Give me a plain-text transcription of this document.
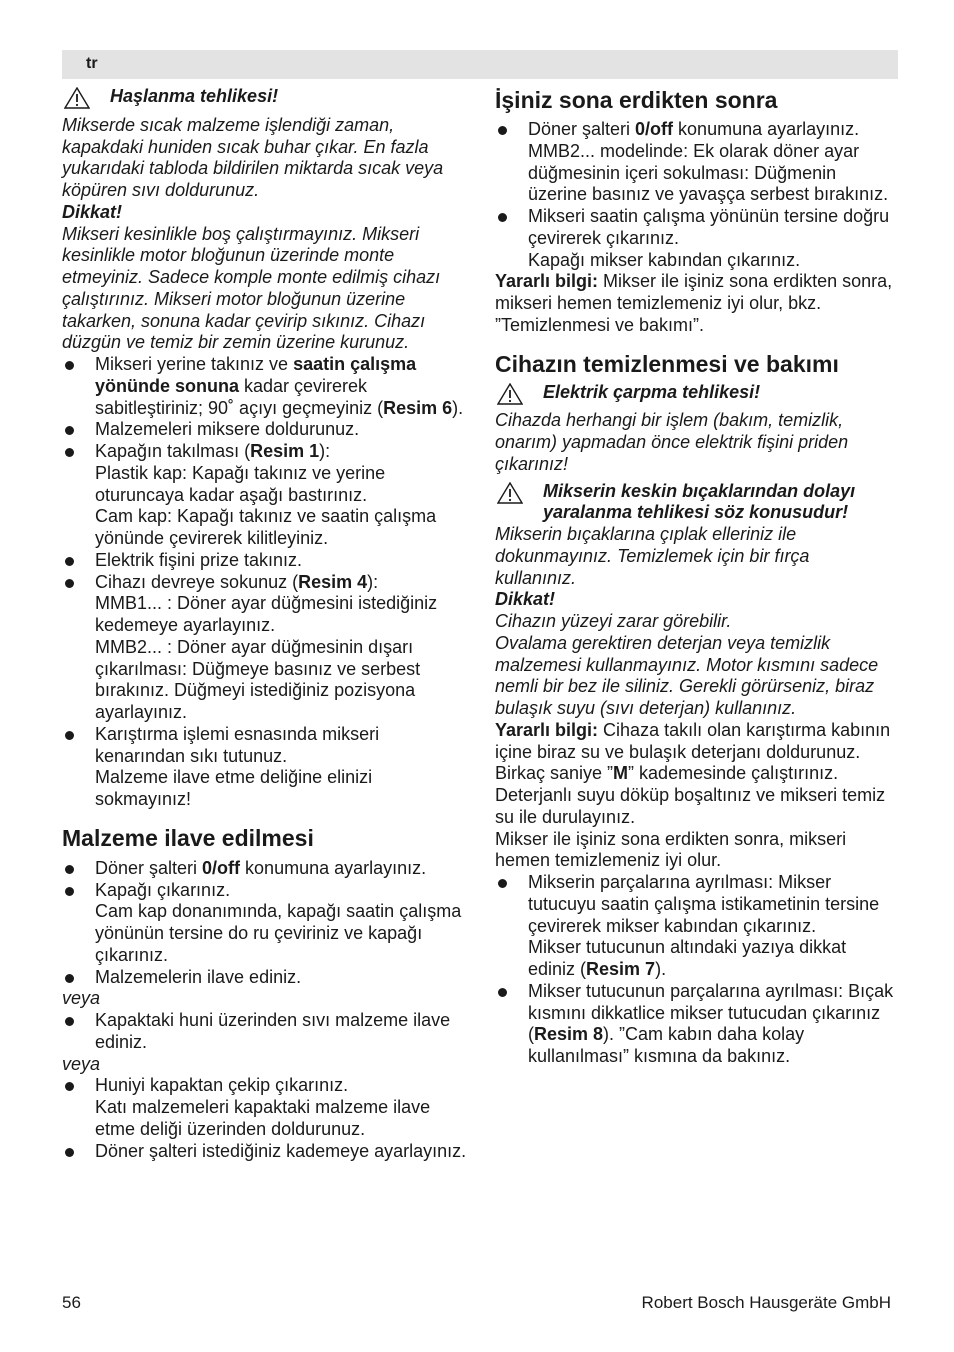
tr
Haşlanma tehlikesi!

Mikserde sıcak malzeme işlendiği zaman, kapakdaki huniden sıcak buhar çıkar. En fazla yukarıdaki tabloda bildirilen miktarda sıcak veya köpüren sıvı doldurunuz.

Dikkat!

Mikseri kesinlikle boş çalıştırmayınız. Mikseri kesinlikle motor bloğunun üzerinde monte etmeyiniz. Sadece komple monte edilmiş cihazı çalıştırınız. Mikseri motor bloğunun üzerine takarken, sonuna kadar çevirip sıkınız. Cihazı düzgün ve temiz bir zemin üzerine kurunuz.

Mikseri yerine takınız ve saatin çalışma yönünde sonuna kadar çevirerek sabitleştiriniz; 90˚ açıyı geçmeyiniz (Resim 6).
Malzemeleri miksere doldurunuz.
Kapağın takılması (Resim 1):
Plastik kap: Kapağı takınız ve yerine oturuncaya kadar aşağı bastırınız.
Cam kap: Kapağı takınız ve saatin çalışma yönünde çevirerek kilitleyiniz.
Elektrik fişini prize takınız.
Cihazı devreye sokunuz (Resim 4):
MMB1... : Döner ayar düğmesini istediğiniz kedemeye ayarlayınız.
MMB2... : Döner ayar düğmesinin dışarı çıkarılması: Düğmeye basınız ve serbest bırakınız. Düğmeyi istediğiniz pozisyona ayarlayınız.
Karıştırma işlemi esnasında mikseri kenarından sıkı tutunuz.
Malzeme ilave etme deliğine elinizi sokmayınız!
Malzeme ilave edilmesi
Döner şalteri 0/off konumuna ayarlayınız.
Kapağı çıkarınız.
Cam kap donanımında, kapağı saatin çalışma yönünün tersine do ru çeviriniz ve kapağı çıkarınız.
Malzemelerin ilave ediniz.

veya

Kapaktaki huni üzerinden sıvı malzeme ilave ediniz.

veya

Huniyi kapaktan çekip çıkarınız.
Katı malzemeleri kapaktaki malzeme ilave etme deliği üzerinden doldurunuz.
Döner şalteri istediğiniz kademeye ayarlayınız.
İşiniz sona erdikten sonra
Döner şalteri 0/off konumuna ayarlayınız.
MMB2... modelinde: Ek olarak döner ayar düğmesinin içeri sokulması: Düğmenin üzerine basınız ve yavaşça serbest bırakınız.
Mikseri saatin çalışma yönünün tersine doğru çevirerek çıkarınız.
Kapağı mikser kabından çıkarınız.

Yararlı bilgi: Mikser ile işiniz sona erdikten sonra, mikseri hemen temizlemeniz iyi olur, bkz. ”Temizlenmesi ve bakımı”.

Cihazın temizlenmesi ve bakımı
Elektrik çarpma tehlikesi!

Cihazda herhangi bir işlem (bakım, temizlik, onarım) yapmadan önce elektrik fişini priden çıkarınız!

Mikserin keskin bıçaklarından dolayı yaralanma tehlikesi söz konusudur!

Mikserin bıçaklarına çıplak elleriniz ile dokunmayınız. Temizlemek için bir fırça kullanınız.

Dikkat!

Cihazın yüzeyi zarar görebilir.

Ovalama gerektiren deterjan veya temizlik malzemesi kullanmayınız. Motor kısmını sadece nemli bir bez ile siliniz. Gerekli görürseniz, biraz bulaşık suyu (sıvı deterjan) kullanınız.

Yararlı bilgi: Cihaza takılı olan karıştırma kabının içine biraz su ve bulaşık deterjanı doldurunuz. Birkaç saniye ”M” kademesinde çalıştırınız. Deterjanlı suyu döküp boşaltınız ve mikseri temiz su ile durulayınız.

Mikser ile işiniz sona erdikten sonra, mikseri hemen temizlemeniz iyi olur.

Mikserin parçalarına ayrılması: Mikser tutucuyu saatin çalışma istikametinin tersine çevirerek mikser kabından çıkarınız.
Mikser tutucunun altındaki yazıya dikkat ediniz (Resim 7).
Mikser tutucunun parçalarına ayrılması: Bıçak kısmını dikkatlice mikser tutucudan çıkarınız (Resim 8). ”Cam kabın daha kolay kullanılması” kısmına da bakınız.
56	Robert Bosch Hausgeräte GmbH
